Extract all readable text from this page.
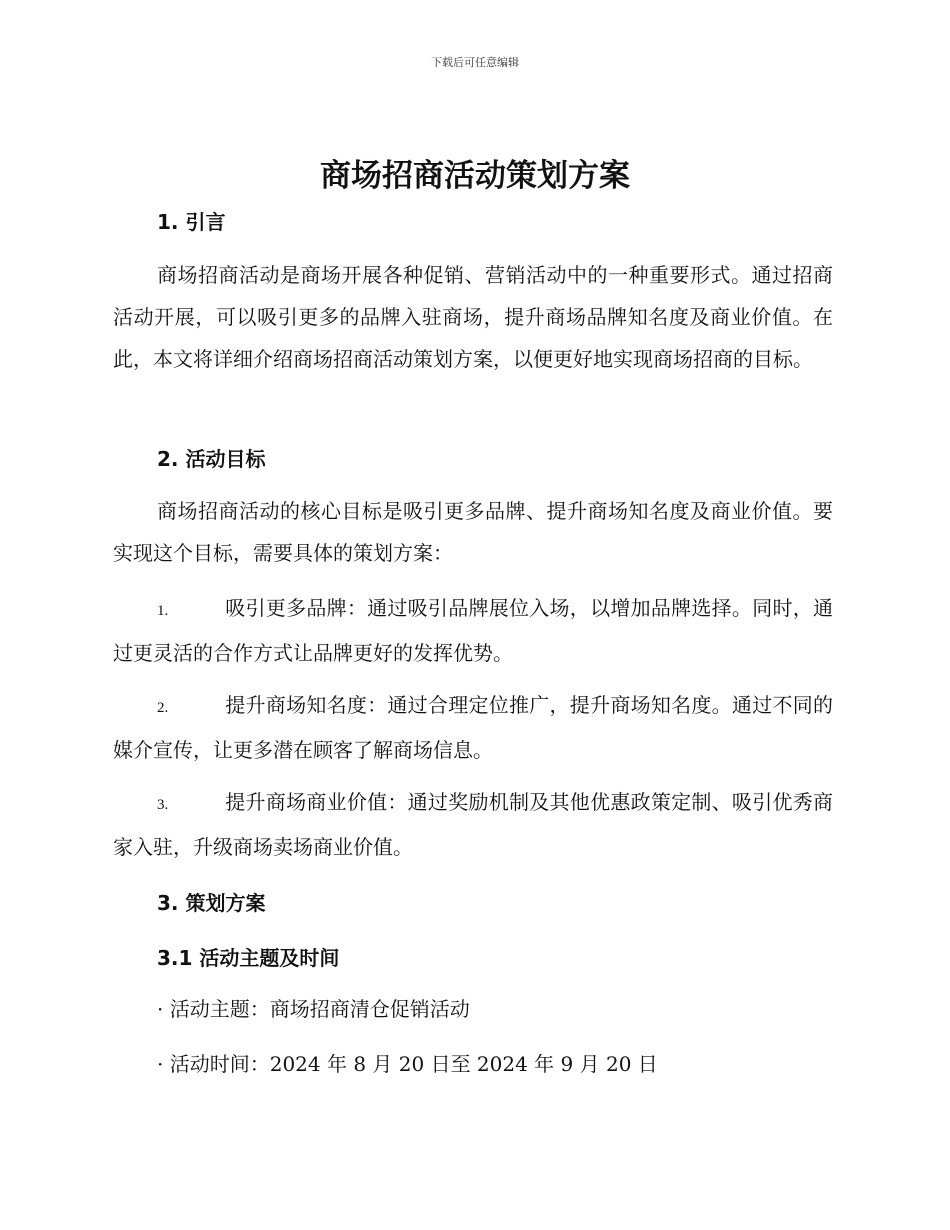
下载后可任意编辑
商场招商活动策划方案
1. 引言

商场招商活动是商场开展各种促销、营销活动中的一种重要形式。通过招商活动开展，可以吸引更多的品牌入驻商场，提升商场品牌知名度及商业价值。在此，本文将详细介绍商场招商活动策划方案，以便更好地实现商场招商的目标。

2. 活动目标

商场招商活动的核心目标是吸引更多品牌、提升商场知名度及商业价值。要实现这个目标，需要具体的策划方案：

1.	吸引更多品牌：通过吸引品牌展位入场，以增加品牌选择。同时，通过更灵活的合作方式让品牌更好的发挥优势。

2.	提升商场知名度：通过合理定位推广，提升商场知名度。通过不同的媒介宣传，让更多潜在顾客了解商场信息。

3.	提升商场商业价值：通过奖励机制及其他优惠政策定制、吸引优秀商家入驻，升级商场卖场商业价值。

3. 策划方案
3.1 活动主题及时间
· 活动主题：商场招商清仓促销活动
· 活动时间：2024 年 8 月 20 日至 2024 年 9 月 20 日
